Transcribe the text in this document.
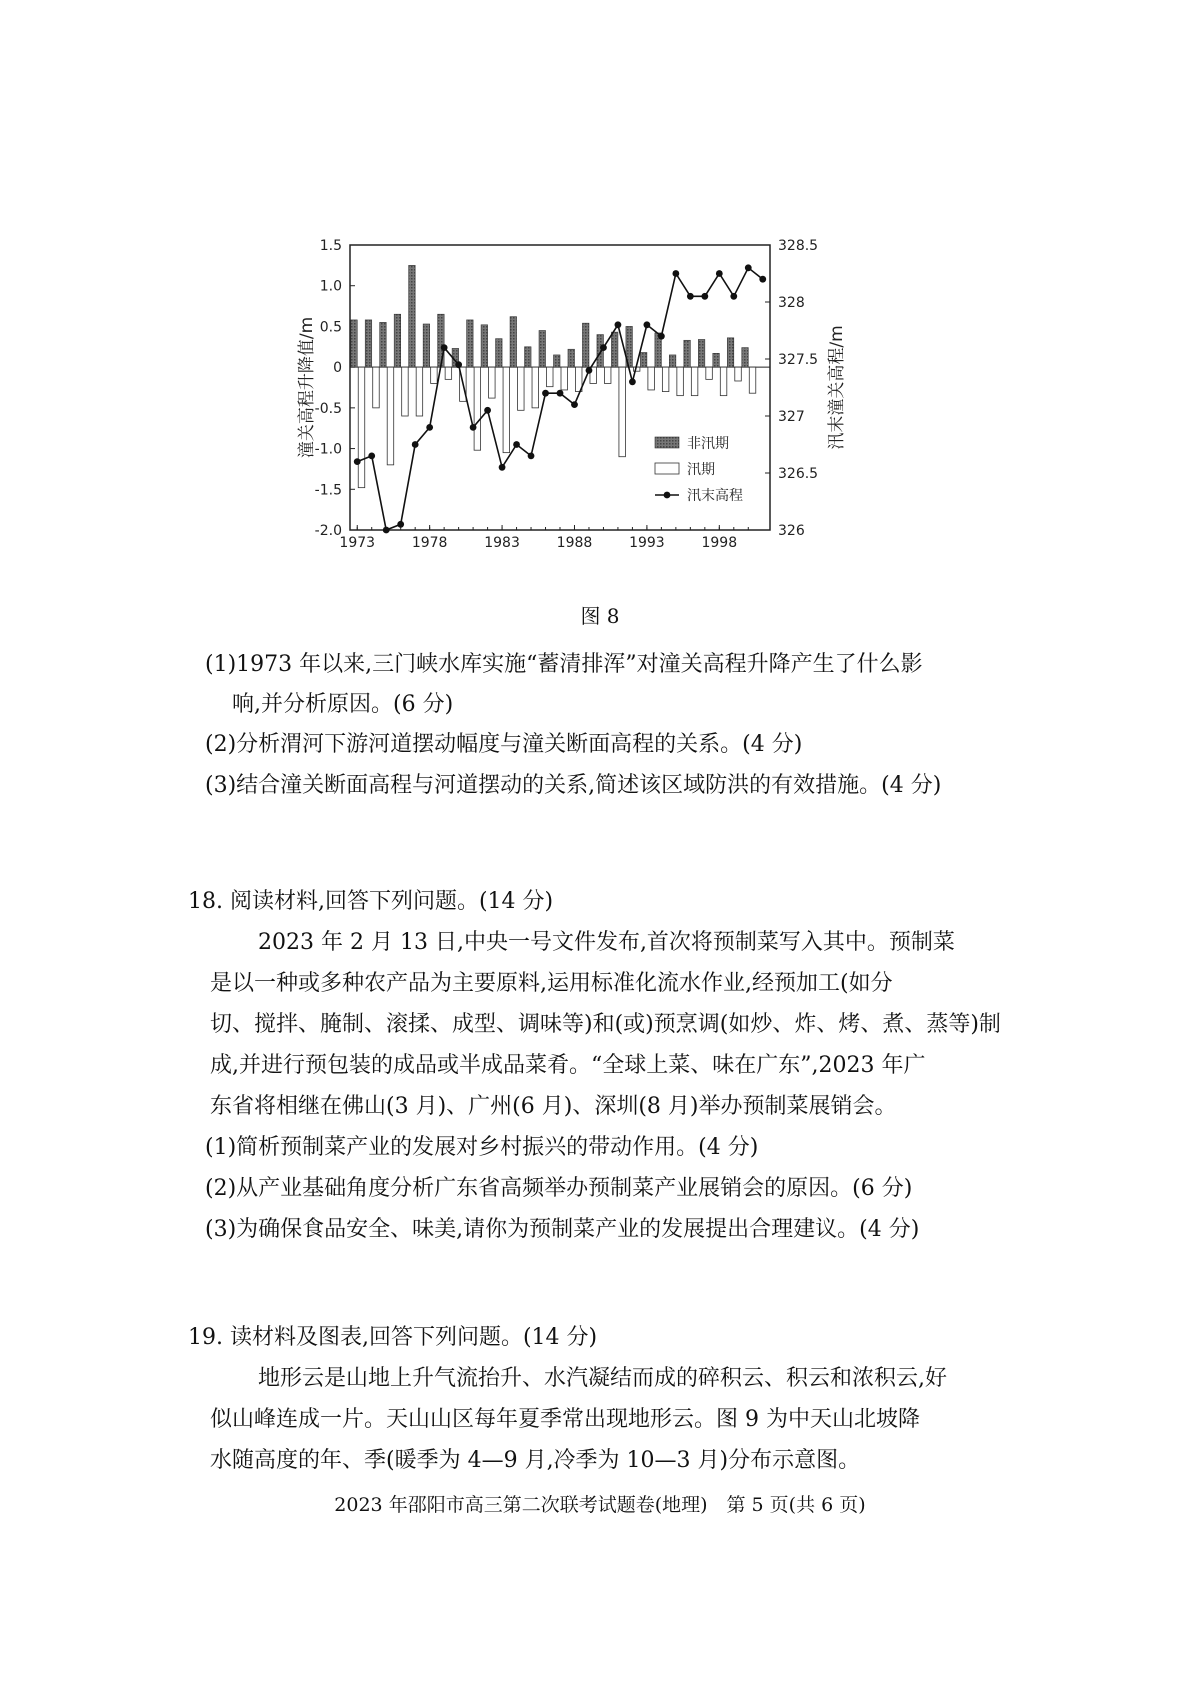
1.5
1.0
0.5
0
-0.5
-1.0
-1.5
-2.0
328.5
328
327.5
327
326.5
326
1973	1978	1983	1988	1993	1998
潼关高程升降值/m	汛末潼关高程/m
非汛期
汛期
汛末高程
图 8
(1)1973 年以来,三门峡水库实施“蓄清排浑”对潼关高程升降产生了什么影
响,并分析原因。(6 分)
(2)分析渭河下游河道摆动幅度与潼关断面高程的关系。(4 分)
(3)结合潼关断面高程与河道摆动的关系,简述该区域防洪的有效措施。(4 分)
18. 阅读材料,回答下列问题。(14 分)
2023 年 2 月 13 日,中央一号文件发布,首次将预制菜写入其中。预制菜
是以一种或多种农产品为主要原料,运用标准化流水作业,经预加工(如分
切、搅拌、腌制、滚揉、成型、调味等)和(或)预烹调(如炒、炸、烤、煮、蒸等)制
成,并进行预包装的成品或半成品菜肴。“全球上菜、味在广东”,2023 年广
东省将相继在佛山(3 月)、广州(6 月)、深圳(8 月)举办预制菜展销会。
(1)简析预制菜产业的发展对乡村振兴的带动作用。(4 分)
(2)从产业基础角度分析广东省高频举办预制菜产业展销会的原因。(6 分)
(3)为确保食品安全、味美,请你为预制菜产业的发展提出合理建议。(4 分)
19. 读材料及图表,回答下列问题。(14 分)
地形云是山地上升气流抬升、水汽凝结而成的碎积云、积云和浓积云,好
似山峰连成一片。天山山区每年夏季常出现地形云。图 9 为中天山北坡降
水随高度的年、季(暖季为 4—9 月,冷季为 10—3 月)分布示意图。
2023 年邵阳市高三第二次联考试题卷(地理)　第 5 页(共 6 页)
